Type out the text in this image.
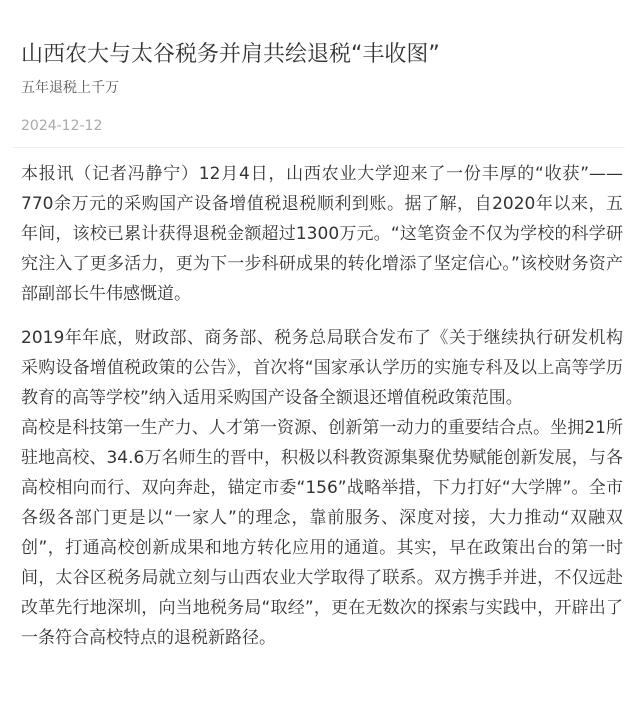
山西农大与太谷税务并肩共绘退税“丰收图”
五年退税上千万
2024-12-12

本报讯（记者冯静宁）12月4日，山西农业大学迎来了一份丰厚的“收获”——770余万元的采购国产设备增值税退税顺利到账。据了解，自2020年以来，五年间，该校已累计获得退税金额超过1300万元。“这笔资金不仅为学校的科学研究注入了更多活力，更为下一步科研成果的转化增添了坚定信心。”该校财务资产部副部长牛伟感慨道。

2019年年底，财政部、商务部、税务总局联合发布了《关于继续执行研发机构采购设备增值税政策的公告》，首次将“国家承认学历的实施专科及以上高等学历教育的高等学校”纳入适用采购国产设备全额退还增值税政策范围。

高校是科技第一生产力、人才第一资源、创新第一动力的重要结合点。坐拥21所驻地高校、34.6万名师生的晋中，积极以科教资源集聚优势赋能创新发展，与各高校相向而行、双向奔赴，锚定市委“156”战略举措，下力打好“大学牌”。全市各级各部门更是以“一家人”的理念，靠前服务、深度对接，大力推动“双融双创”，打通高校创新成果和地方转化应用的通道。其实，早在政策出台的第一时间，太谷区税务局就立刻与山西农业大学取得了联系。双方携手并进，不仅远赴改革先行地深圳，向当地税务局“取经”，更在无数次的探索与实践中，开辟出了一条符合高校特点的退税新路径。
